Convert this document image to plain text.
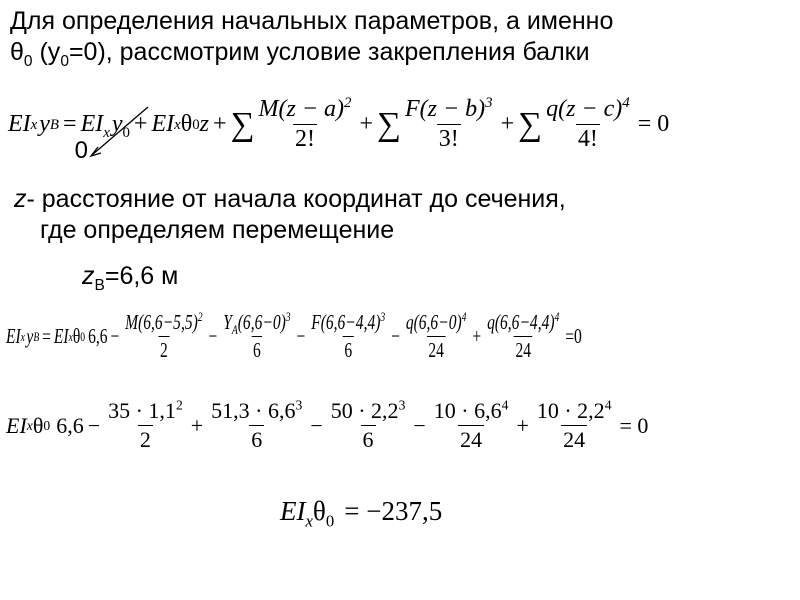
Для определения начальных параметров, а именно
$\theta_0$ $(y_0=0)$, рассмотрим условие закрепления балки
EI x y $B = EI_xy_0$
0
+ EI x θ 0 z + ∑ $\frac{M(z - a)^2}{2!}$ + ∑ $\frac{F(z - b)^3}{3!}$ + ∑ $\frac{q(z - c)^4}{4!} = 0$
z- расстояние от начала координат до сечения,
где определяем перемещение
$z_B=6,6$ м
EI x y B = EI x θ 0 $6,6 - \frac{M(6,6-5,5)^2}{2} - \frac{Y_A(6,6-0)^3}{6} - \frac{F(6,6-4,4)^3}{6} - \frac{q(6,6-0)^4}{24} + \frac{q(6,6-4,4)^4}{24} =0$
EI x θ 0 $6,6 - \frac{35 \cdot 1,1^2}{2} + \frac{51,3 \cdot 6,6^3}{6} - \frac{50 \cdot 2,2^3}{6} - \frac{10 \cdot 6,6^4}{24} + \frac{10 \cdot 2,2^4}{24} = 0$
$EI_x\theta_0 = -237,5$
